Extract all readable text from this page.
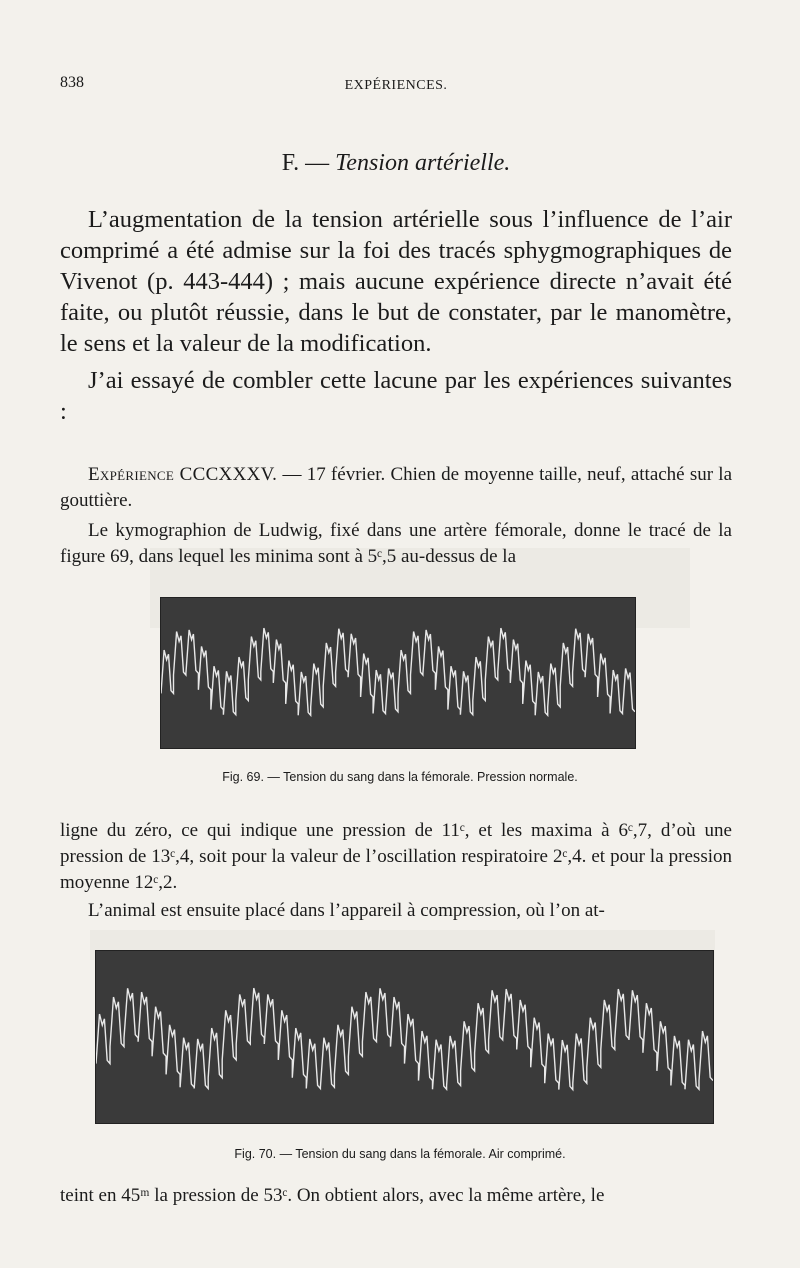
838	EXPÉRIENCES.
F. — Tension artérielle.

L’augmentation de la tension artérielle sous l’influence de l’air comprimé a été admise sur la foi des tracés sphygmographiques de Vivenot (p. 443-444) ; mais aucune expérience directe n’avait été faite, ou plutôt réussie, dans le but de constater, par le manomètre, le sens et la valeur de la modification.

J’ai essayé de combler cette lacune par les expériences suivantes :

Expérience CCCXXXV. — 17 février. Chien de moyenne taille, neuf, attaché sur la gouttière.

Le kymographion de Ludwig, fixé dans une artère fémorale, donne le tracé de la figure 69, dans lequel les minima sont à 5ᶜ,5 au-dessus de la

Fig. 69. — Tension du sang dans la fémorale. Pression normale.

ligne du zéro, ce qui indique une pression de 11ᶜ, et les maxima à 6ᶜ,7, d’où une pression de 13ᶜ,4, soit pour la valeur de l’oscillation respiratoire 2ᶜ,4. et pour la pression moyenne 12ᶜ,2.

L’animal est ensuite placé dans l’appareil à compression, où l’on at-

Fig. 70. — Tension du sang dans la fémorale. Air comprimé.

teint en 45ᵐ la pression de 53ᶜ. On obtient alors, avec la même artère, le
